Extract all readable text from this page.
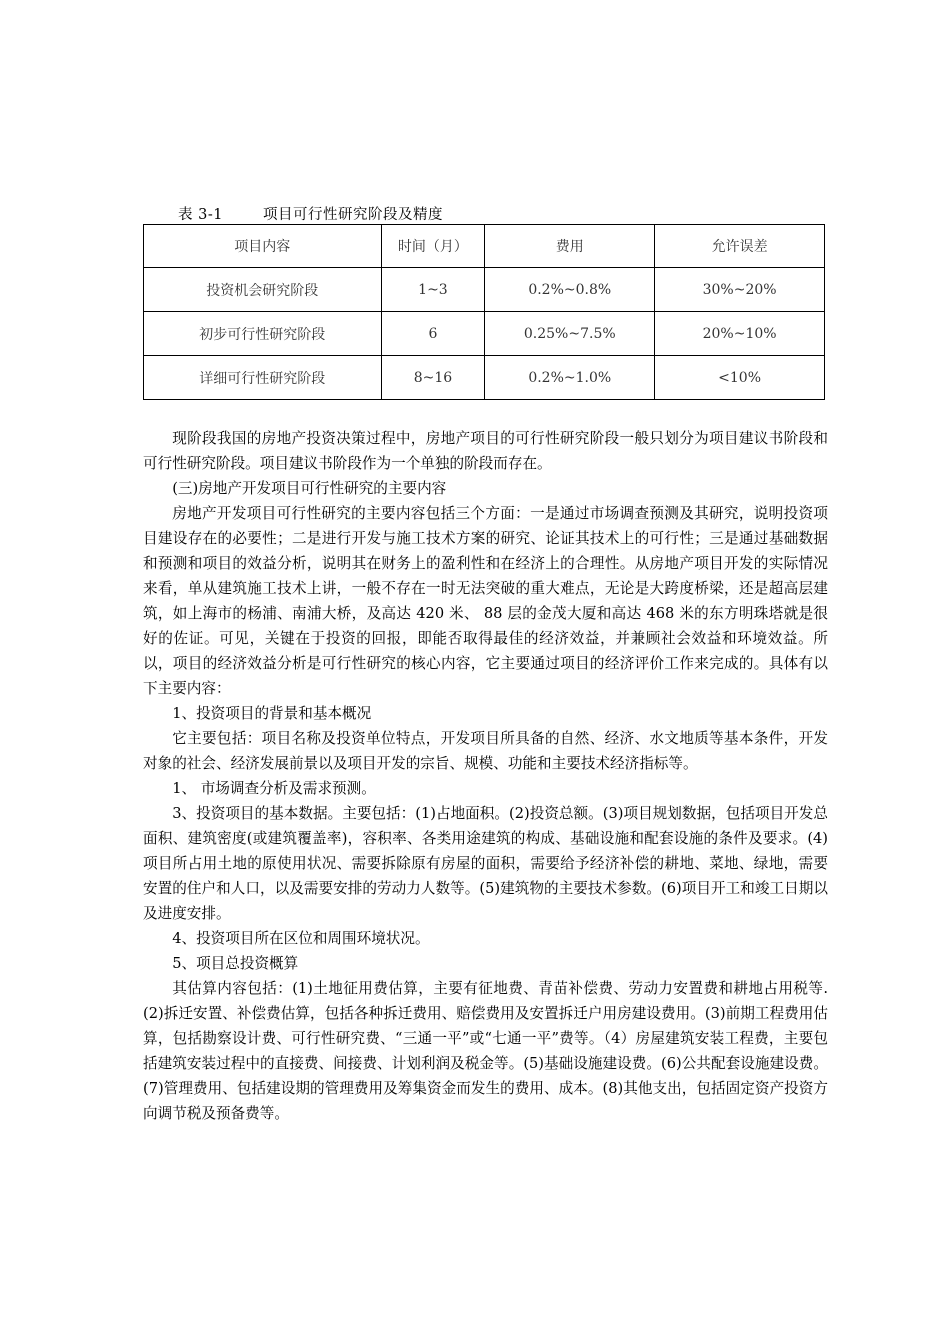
表 3-1	项目可行性研究阶段及精度
项目内容	时间（月）	费用	允许误差
投资机会研究阶段	1~3	0.2%~0.8%	30%~20%
初步可行性研究阶段	6	0.25%~7.5%	20%~10%
详细可行性研究阶段	8~16	0.2%~1.0%	<10%

现阶段我国的房地产投资决策过程中，房地产项目的可行性研究阶段一般只划分为项目建议书阶段和可行性研究阶段。项目建议书阶段作为一个单独的阶段而存在。

(三)房地产开发项目可行性研究的主要内容

房地产开发项目可行性研究的主要内容包括三个方面：一是通过市场调查预测及其研究，说明投资项目建设存在的必要性；二是进行开发与施工技术方案的研究、论证其技术上的可行性；三是通过基础数据和预测和项目的效益分析，说明其在财务上的盈利性和在经济上的合理性。从房地产项目开发的实际情况来看，单从建筑施工技术上讲，一般不存在一时无法突破的重大难点，无论是大跨度桥梁，还是超高层建筑，如上海市的杨浦、南浦大桥，及高达 420 米、 88 层的金茂大厦和高达 468 米的东方明珠塔就是很好的佐证。可见，关键在于投资的回报，即能否取得最佳的经济效益，并兼顾社会效益和环境效益。所以，项目的经济效益分析是可行性研究的核心内容，它主要通过项目的经济评价工作来完成的。具体有以下主要内容：

1、投资项目的背景和基本概况

它主要包括：项目名称及投资单位特点，开发项目所具备的自然、经济、水文地质等基本条件，开发对象的社会、经济发展前景以及项目开发的宗旨、规模、功能和主要技术经济指标等。

1、 市场调查分析及需求预测。

3、投资项目的基本数据。主要包括：(1)占地面积。(2)投资总额。(3)项目规划数据，包括项目开发总面积、建筑密度(或建筑覆盖率)，容积率、各类用途建筑的构成、基础设施和配套设施的条件及要求。(4)项目所占用土地的原使用状况、需要拆除原有房屋的面积，需要给予经济补偿的耕地、菜地、绿地，需要安置的住户和人口，以及需要安排的劳动力人数等。(5)建筑物的主要技术参数。(6)项目开工和竣工日期以及进度安排。

4、投资项目所在区位和周围环境状况。

5、项目总投资概算

其估算内容包括：(1)土地征用费估算，主要有征地费、青苗补偿费、劳动力安置费和耕地占用税等. (2)拆迁安置、补偿费估算，包括各种拆迁费用、赔偿费用及安置拆迁户用房建设费用。(3)前期工程费用估算，包括勘察设计费、可行性研究费、“三通一平”或“七通一平”费等。（4）房屋建筑安装工程费，主要包括建筑安装过程中的直接费、间接费、计划利润及税金等。(5)基础设施建设费。(6)公共配套设施建设费。(7)管理费用、包括建设期的管理费用及筹集资金而发生的费用、成本。(8)其他支出，包括固定资产投资方向调节税及预备费等。
